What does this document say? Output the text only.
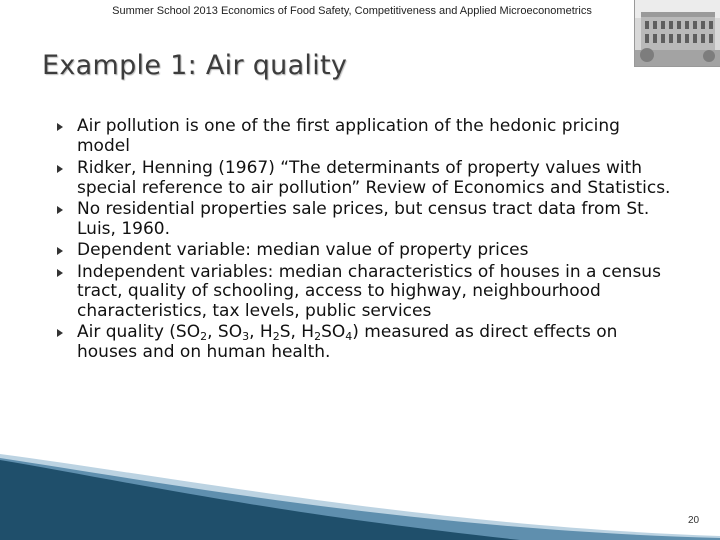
Summer School 2013 Economics of Food Safety, Competitiveness and Applied Microeconometrics
Example 1: Air quality
Air pollution is one of the first application of the hedonic pricing model
Ridker, Henning (1967) “The determinants of property values with special reference to air pollution” Review of Economics and Statistics.
No residential properties sale prices, but census tract data from St. Luis, 1960.
Dependent variable: median value of property prices
Independent variables: median characteristics of houses in a census tract, quality of schooling, access to highway, neighbourhood characteristics, tax levels, public services
Air quality ($SO_2$, $SO_3$, $H_2S$, $H_2SO_4$) measured as direct effects on houses and on human health.
20
